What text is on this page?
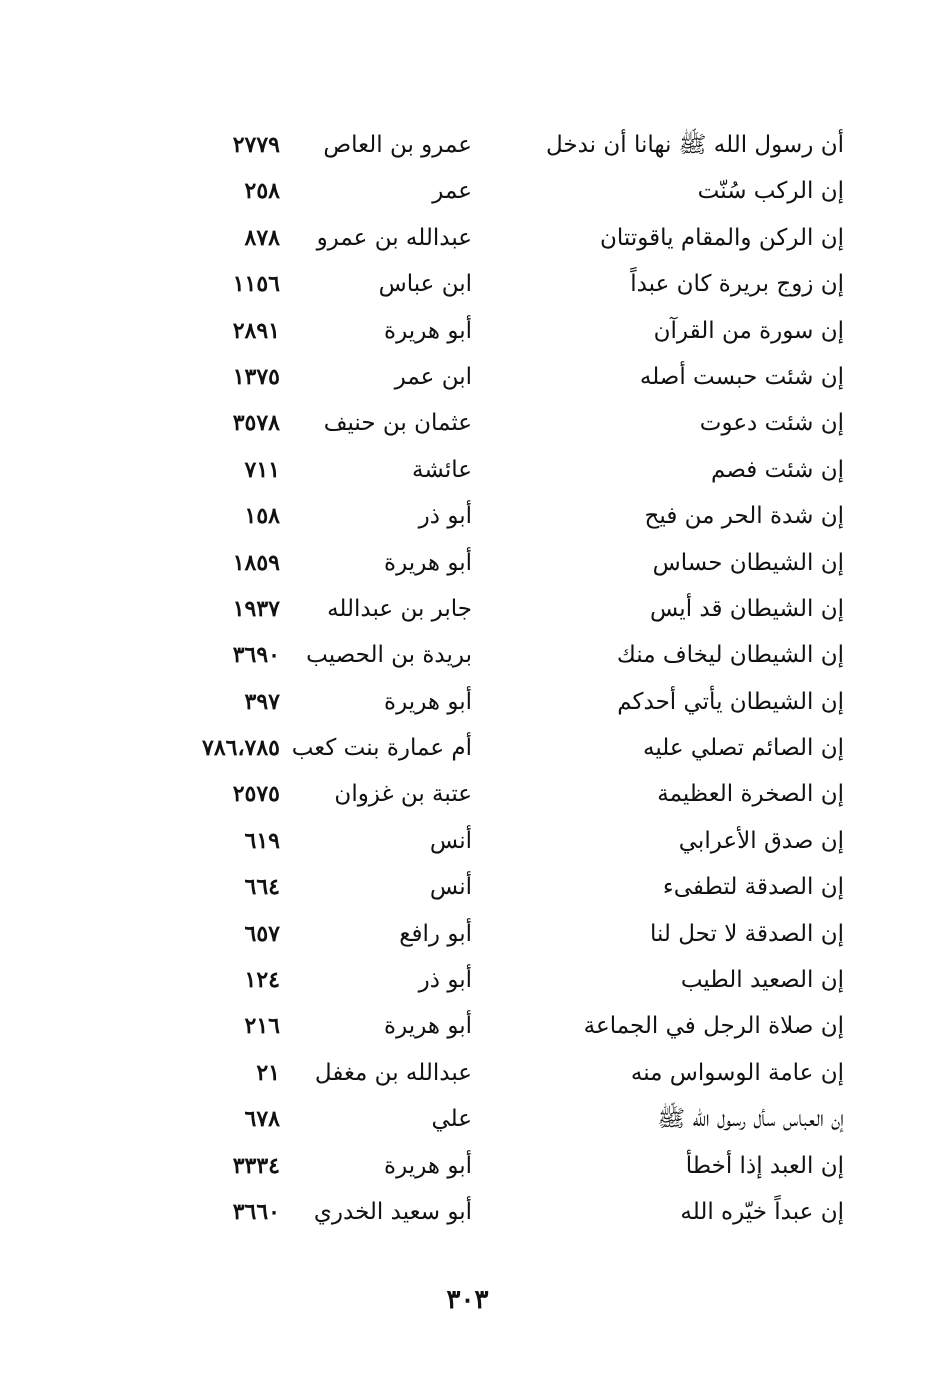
أن رسول الله ﷺ نهانا أن ندخل
عمرو بن العاص
٢٧٧٩
إن الركب سُنّت
عمر
٢٥٨
إن الركن والمقام ياقوتتان
عبدالله بن عمرو
٨٧٨
إن زوج بريرة كان عبداً
ابن عباس
١١٥٦
إن سورة من القرآن
أبو هريرة
٢٨٩١
إن شئت حبست أصله
ابن عمر
١٣٧٥
إن شئت دعوت
عثمان بن حنيف
٣٥٧٨
إن شئت فصم
عائشة
٧١١
إن شدة الحر من فيح
أبو ذر
١٥٨
إن الشيطان حساس
أبو هريرة
١٨٥٩
إن الشيطان قد أيس
جابر بن عبدالله
١٩٣٧
إن الشيطان ليخاف منك
بريدة بن الحصيب
٣٦٩٠
إن الشيطان يأتي أحدكم
أبو هريرة
٣٩٧
إن الصائم تصلي عليه
أم عمارة بنت كعب
٧٨٦،٧٨٥
إن الصخرة العظيمة
عتبة بن غزوان
٢٥٧٥
إن صدق الأعرابي
أنس
٦١٩
إن الصدقة لتطفىء
أنس
٦٦٤
إن الصدقة لا تحل لنا
أبو رافع
٦٥٧
إن الصعيد الطيب
أبو ذر
١٢٤
إن صلاة الرجل في الجماعة
أبو هريرة
٢١٦
إن عامة الوسواس منه
عبدالله بن مغفل
٢١
إن العباس سأل رسول الله ﷺ
علي
٦٧٨
إن العبد إذا أخطأ
أبو هريرة
٣٣٣٤
إن عبداً خيّره الله
أبو سعيد الخدري
٣٦٦٠
٣٠٣
